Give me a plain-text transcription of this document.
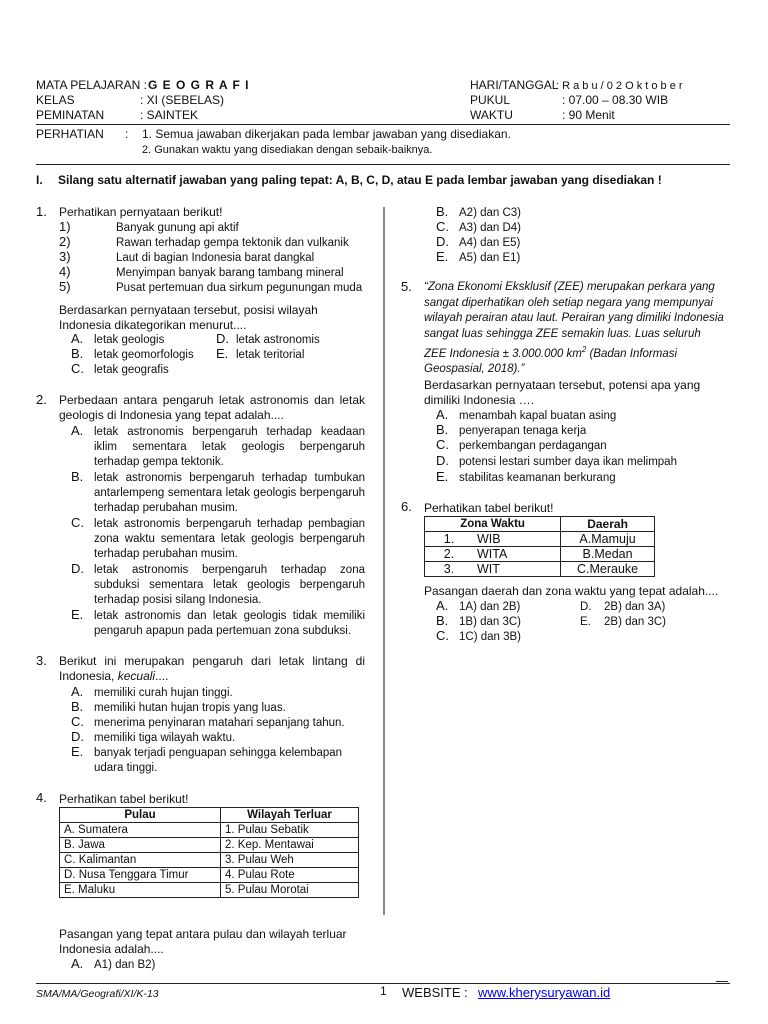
MATA PELAJARAN : G E O G R A F I
KELAS	: XI (SEBELAS)
PEMINATAN	: SAINTEK
HARI/TANGGAL
: R a b u / 0 2 O k t o b e r
PUKUL	: 07.00 – 08.30 WIB
WAKTU	: 90 Menit
PERHATIAN : 1. Semua jawaban dikerjakan pada lembar jawaban yang disediakan.
2. Gunakan waktu yang disediakan dengan sebaik-baiknya.
I. Silang satu alternatif jawaban yang paling tepat: A, B, C, D, atau E pada lembar jawaban yang disediakan !
1. Perhatikan pernyataan berikut!
1)	Banyak gunung api aktif
2)	Rawan terhadap gempa tektonik dan vulkanik
3)	Laut di bagian Indonesia barat dangkal
4)	Menyimpan banyak barang tambang mineral
5)	Pusat pertemuan dua sirkum pegunungan muda
Berdasarkan pernyataan tersebut, posisi wilayah Indonesia dikategorikan menurut....
A. letak geologis
B. letak geomorfologis
C. letak geografis
D. letak astronomis
E. letak teritorial
2. Perbedaan antara pengaruh letak astronomis dan letak geologis di Indonesia yang tepat adalah....
A. letak astronomis berpengaruh terhadap keadaan iklim sementara letak geologis berpengaruh terhadap gempa tektonik.
B. letak astronomis berpengaruh terhadap tumbukan antarlempeng sementara letak geologis berpengaruh terhadap perubahan musim.
C. letak astronomis berpengaruh terhadap pembagian zona waktu sementara letak geologis berpengaruh terhadap perubahan musim.
D. letak astronomis berpengaruh terhadap zona subduksi sementara letak geologis berpengaruh terhadap posisi silang Indonesia.
E. letak astronomis dan letak geologis tidak memiliki pengaruh apapun pada pertemuan zona subduksi.
3. Berikut ini merupakan pengaruh dari letak lintang di Indonesia, kecuali....
A. memiliki curah hujan tinggi.
B. memiliki hutan hujan tropis yang luas.
C. menerima penyinaran matahari sepanjang tahun.
D. memiliki tiga wilayah waktu.
E. banyak terjadi penguapan sehingga kelembapan udara tinggi.
4. Perhatikan tabel berikut!
Pulau	Wilayah Terluar
A. Sumatera	1. Pulau Sebatik
B. Jawa	2. Kep. Mentawai
C. Kalimantan	3. Pulau Weh
D. Nusa Tenggara Timur	4. Pulau Rote
E. Maluku	5. Pulau Morotai
Pasangan yang tepat antara pulau dan wilayah terluar Indonesia adalah....
A. A1) dan B2)
B. A2) dan C3)
C. A3) dan D4)
D. A4) dan E5)
E. A5) dan E1)
5. “Zona Ekonomi Eksklusif (ZEE) merupakan perkara yang sangat diperhatikan oleh setiap negara yang mempunyai wilayah perairan atau laut. Perairan yang dimiliki Indonesia sangat luas sehingga ZEE semakin luas. Luas seluruh ZEE Indonesia ± 3.000.000 $km^2$ (Badan Informasi Geospasial, 2018).”
Berdasarkan pernyataan tersebut, potensi apa yang dimiliki Indonesia ….
A. menambah kapal buatan asing
B. penyerapan tenaga kerja
C. perkembangan perdagangan
D. potensi lestari sumber daya ikan melimpah
E. stabilitas keamanan berkurang
6. Perhatikan tabel berikut!
Zona Waktu		Daerah
1.	WIB	A.Mamuju
2.	WITA	B.Medan
3.	WIT	C.Merauke
Pasangan daerah dan zona waktu yang tepat adalah....
A. 1A) dan 2B)
B. 1B) dan 3C)
C. 1C) dan 3B)
D. 2B) dan 3A)
E. 2B) dan 3C)
SMA/MA/Geografi/XI/K-13	1 WEBSITE : www.kherysuryawan.id
